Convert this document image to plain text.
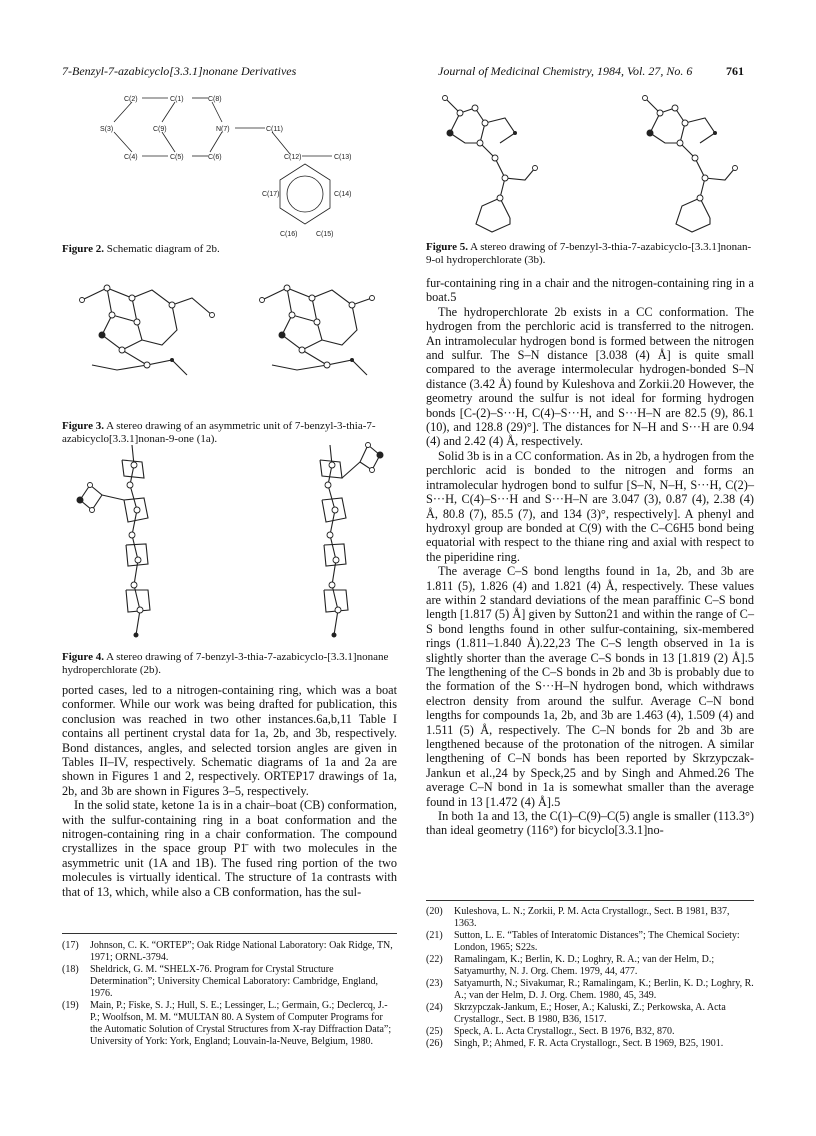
7-Benzyl-7-azabicyclo[3.3.1]nonane Derivatives	Journal of Medicinal Chemistry, 1984, Vol. 27, No. 6	761
C(2)	C(1)	C(8)
S(3)	C(9)	N(7)	C(11)
C(4)	C(5)	C(6)	C(12)	C(13)
C(17)	C(14)
C(16)	C(15)
Figure 2. Schematic diagram of 2b.
Figure 3. A stereo drawing of an asymmetric unit of 7-benzyl-3-thia-7-azabicyclo[3.3.1]nonan-9-one (1a).
Figure 4. A stereo drawing of 7-benzyl-3-thia-7-azabicyclo-[3.3.1]nonane hydroperchlorate (2b).

ported cases, led to a nitrogen-containing ring, which was a boat conformer. While our work was being drafted for publication, this conclusion was reached in two other instances.6a,b,11 Table I contains all pertinent crystal data for 1a, 2b, and 3b, respectively. Bond distances, angles, and selected torsion angles are given in Tables II–IV, respectively. Schematic diagrams of 1a and 2a are shown in Figures 1 and 2, respectively. ORTEP17 drawings of 1a, 2b, and 3b are shown in Figures 3–5, respectively.

In the solid state, ketone 1a is in a chair–boat (CB) conformation, with the sulfur-containing ring in a boat conformation and the nitrogen-containing ring in a chair conformation. The compound crystallizes in the space group P1̄ with two molecules in the asymmetric unit (1A and 1B). The fused ring portion of the two molecules is virtually identical. The structure of 1a contrasts with that of 13, which, while also a CB conformation, has the sul-

(17)	Johnson, C. K. “ORTEP”; Oak Ridge National Laboratory: Oak Ridge, TN, 1971; ORNL-3794.
(18)	Sheldrick, G. M. “SHELX-76. Program for Crystal Structure Determination”; University Chemical Laboratory: Cambridge, England, 1976.
(19)	Main, P.; Fiske, S. J.; Hull, S. E.; Lessinger, L.; Germain, G.; Declercq, J.-P.; Woolfson, M. M. “MULTAN 80. A System of Computer Programs for the Automatic Solution of Crystal Structures from X-ray Diffraction Data”; University of York: York, England; Louvain-la-Neuve, Belgium, 1980.
Figure 5. A stereo drawing of 7-benzyl-3-thia-7-azabicyclo-[3.3.1]nonan-9-ol hydroperchlorate (3b).

fur-containing ring in a chair and the nitrogen-containing ring in a boat.5

The hydroperchlorate 2b exists in a CC conformation. The hydrogen from the perchloric acid is transferred to the nitrogen. An intramolecular hydrogen bond is formed between the nitrogen and sulfur. The S–N distance [3.038 (4) Å] is quite small compared to the average intermolecular hydrogen-bonded S–N distance (3.42 Å) found by Kuleshova and Zorkii.20 However, the geometry around the sulfur is not ideal for forming hydrogen bonds [C-(2)–S···H, C(4)–S···H, and S···H–N are 82.5 (9), 86.1 (10), and 128.8 (29)°]. The distances for N–H and S···H are 0.94 (4) and 2.42 (4) Å, respectively.

Solid 3b is in a CC conformation. As in 2b, a hydrogen from the perchloric acid is bonded to the nitrogen and forms an intramolecular hydrogen bond to sulfur [S–N, N–H, S···H, C(2)–S···H, C(4)–S···H and S···H–N are 3.047 (3), 0.87 (4), 2.38 (4) Å, 80.8 (7), 85.5 (7), and 134 (3)°, respectively]. A phenyl and hydroxyl group are bonded at C(9) with the C–C6H5 bond being equatorial with respect to the thiane ring and axial with respect to the piperidine ring.

The average C–S bond lengths found in 1a, 2b, and 3b are 1.811 (5), 1.826 (4) and 1.821 (4) Å, respectively. These values are within 2 standard deviations of the mean paraffinic C–S bond length [1.817 (5) Å] given by Sutton21 and within the range of C–S bond lengths found in other sulfur-containing, six-membered rings (1.811–1.840 Å).22,23 The C–S length observed in 1a is slightly shorter than the average C–S bonds in 13 [1.819 (2) Å].5 The lengthening of the C–S bonds in 2b and 3b is probably due to the formation of the S···H–N hydrogen bond, which withdraws electron density from around the sulfur. Average C–N bond lengths for compounds 1a, 2b, and 3b are 1.463 (4), 1.509 (4) and 1.511 (5) Å, respectively. The C–N bonds for 2b and 3b are lengthened because of the protonation of the nitrogen. A similar lengthening of C–N bonds has been reported by Skrzypczak-Jankun et al.,24 by Speck,25 and by Singh and Ahmed.26 The average C–N bond in 1a is somewhat smaller than the average found in 13 [1.472 (4) Å].5

In both 1a and 13, the C(1)–C(9)–C(5) angle is smaller (113.3°) than ideal geometry (116°) for bicyclo[3.3.1]no-

(20)	Kuleshova, L. N.; Zorkii, P. M. Acta Crystallogr., Sect. B 1981, B37, 1363.
(21)	Sutton, L. E. “Tables of Interatomic Distances”; The Chemical Society: London, 1965; S22s.
(22)	Ramalingam, K.; Berlin, K. D.; Loghry, R. A.; van der Helm, D.; Satyamurthy, N. J. Org. Chem. 1979, 44, 477.
(23)	Satyamurth, N.; Sivakumar, R.; Ramalingam, K.; Berlin, K. D.; Loghry, R. A.; van der Helm, D. J. Org. Chem. 1980, 45, 349.
(24)	Skrzypczak-Jankum, E.; Hoser, A.; Kaluski, Z.; Perkowska, A. Acta Crystallogr., Sect. B 1980, B36, 1517.
(25)	Speck, A. L. Acta Crystallogr., Sect. B 1976, B32, 870.
(26)	Singh, P.; Ahmed, F. R. Acta Crystallogr., Sect. B 1969, B25, 1901.
